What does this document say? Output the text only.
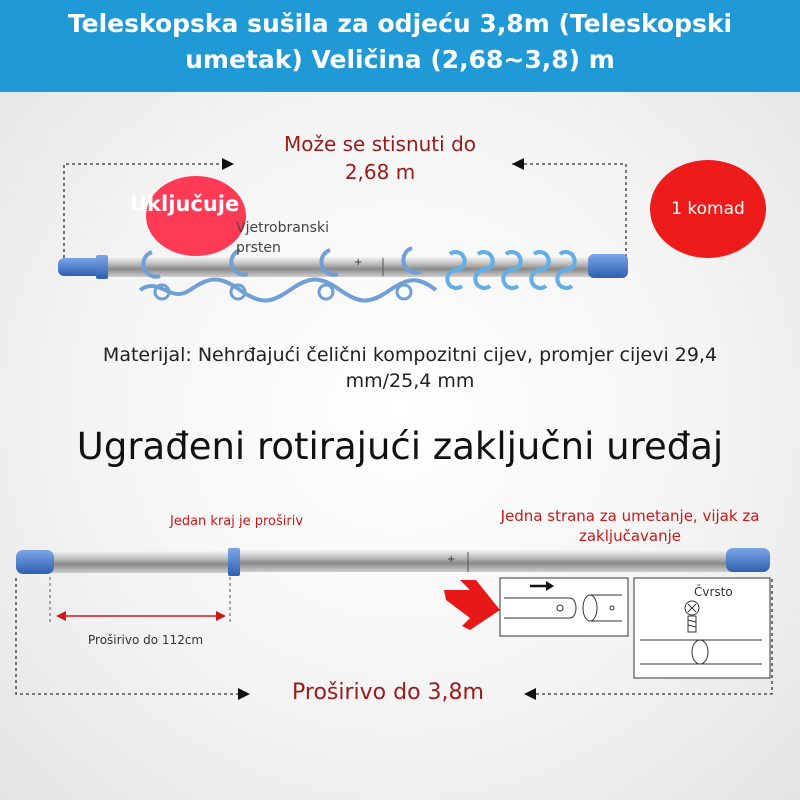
Teleskopska sušila za odjeću 3,8m (Teleskopski umetak) Veličina (2,68~3,8) m
+
+
Može se stisnuti do 2,68 m
Uključuje
Vjetrobranski prsten
1 komad
Materijal: Nehrđajući čelični kompozitni cijev, promjer cijevi 29,4 mm/25,4 mm
Ugrađeni rotirajući zaključni uređaj
Jedan kraj je proširiv	Jedna strana za umetanje, vijak za zaključavanje
Proširivo do 112cm
Proširivo do 3,8m
Čvrsto
